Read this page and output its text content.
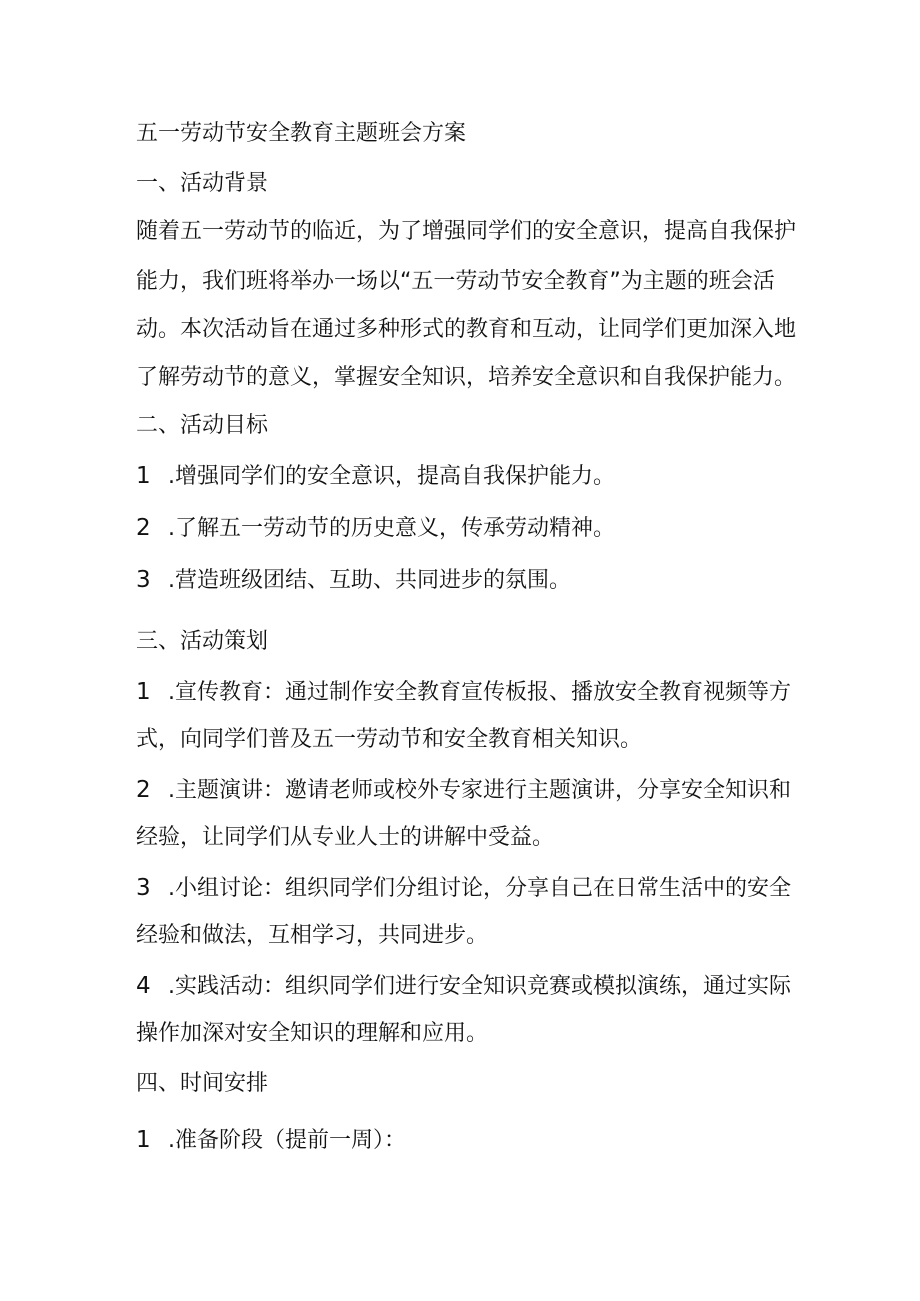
五一劳动节安全教育主题班会方案
一、活动背景
随着五一劳动节的临近，为了增强同学们的安全意识，提高自我保护
能力，我们班将举办一场以“五一劳动节安全教育”为主题的班会活
动。本次活动旨在通过多种形式的教育和互动，让同学们更加深入地
了解劳动节的意义，掌握安全知识，培养安全意识和自我保护能力。
二、活动目标
1 .增强同学们的安全意识，提高自我保护能力。
2 .了解五一劳动节的历史意义，传承劳动精神。
3 .营造班级团结、互助、共同进步的氛围。
三、活动策划
1 .宣传教育：通过制作安全教育宣传板报、播放安全教育视频等方
式，向同学们普及五一劳动节和安全教育相关知识。
2 .主题演讲：邀请老师或校外专家进行主题演讲，分享安全知识和
经验，让同学们从专业人士的讲解中受益。
3 .小组讨论：组织同学们分组讨论，分享自己在日常生活中的安全
经验和做法，互相学习，共同进步。
4 .实践活动：组织同学们进行安全知识竞赛或模拟演练，通过实际
操作加深对安全知识的理解和应用。
四、时间安排
1 .准备阶段（提前一周）：
